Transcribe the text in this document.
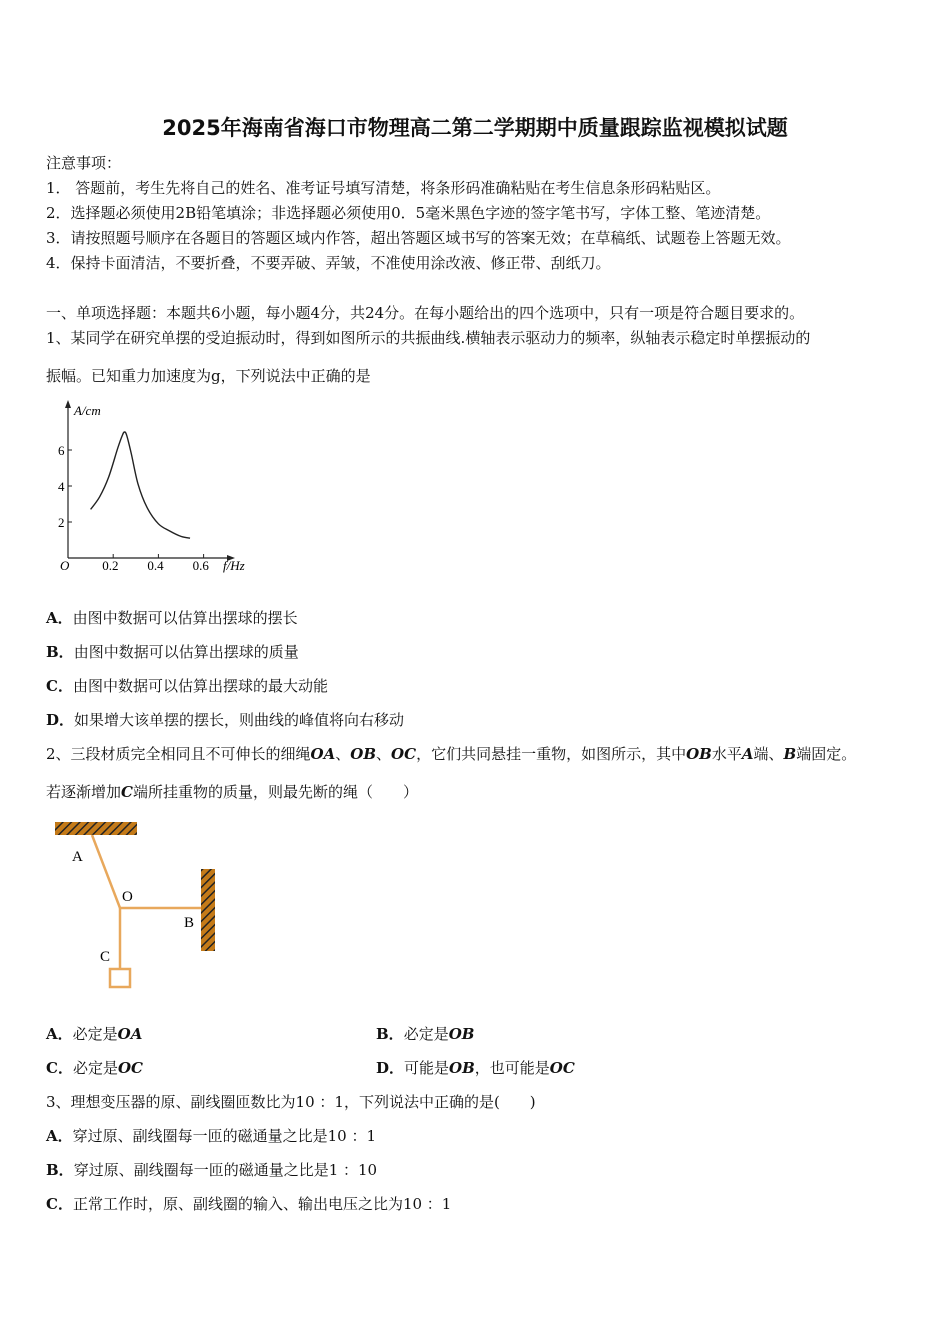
2025年海南省海口市物理高二第二学期期中质量跟踪监视模拟试题
注意事项：
1． 答题前，考生先将自己的姓名、准考证号填写清楚，将条形码准确粘贴在考生信息条形码粘贴区。
2．选择题必须使用2B铅笔填涂；非选择题必须使用0．5毫米黑色字迹的签字笔书写，字体工整、笔迹清楚。
3．请按照题号顺序在各题目的答题区域内作答，超出答题区域书写的答案无效；在草稿纸、试题卷上答题无效。
4．保持卡面清洁，不要折叠，不要弄破、弄皱，不准使用涂改液、修正带、刮纸刀。
一、单项选择题：本题共6小题，每小题4分，共24分。在每小题给出的四个选项中，只有一项是符合题目要求的。
1、某同学在研究单摆的受迫振动时，得到如图所示的共振曲线.横轴表示驱动力的频率，纵轴表示稳定时单摆振动的
振幅。已知重力加速度为g，下列说法中正确的是
A/cm
f/Hz
O	0.2 0.4 0.6
2
4
6
A．由图中数据可以估算出摆球的摆长
B．由图中数据可以估算出摆球的质量
C．由图中数据可以估算出摆球的最大动能
D．如果增大该单摆的摆长，则曲线的峰值将向右移动
2、三段材质完全相同且不可伸长的细绳OA、OB、OC，它们共同悬挂一重物，如图所示，其中OB水平A端、B端固定。
若逐渐增加C端所挂重物的质量，则最先断的绳（　　）
A
O
B
C
A．必定是OA	B．必定是OB
C．必定是OC	D．可能是OB，也可能是OC
3、理想变压器的原、副线圈匝数比为10 ：1，下列说法中正确的是(　　)
A．穿过原、副线圈每一匝的磁通量之比是10 ：1
B．穿过原、副线圈每一匝的磁通量之比是1 ：10
C．正常工作时，原、副线圈的输入、输出电压之比为10 ：1
